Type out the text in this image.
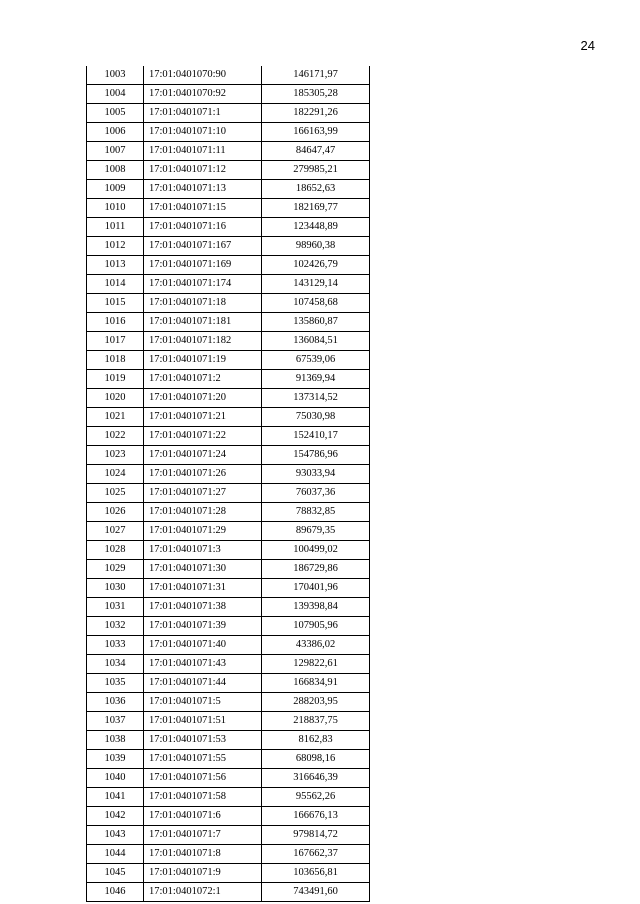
24
1003	17:01:0401070:90	146171,97
1004	17:01:0401070:92	185305,28
1005	17:01:0401071:1	182291,26
1006	17:01:0401071:10	166163,99
1007	17:01:0401071:11	84647,47
1008	17:01:0401071:12	279985,21
1009	17:01:0401071:13	18652,63
1010	17:01:0401071:15	182169,77
1011	17:01:0401071:16	123448,89
1012	17:01:0401071:167	98960,38
1013	17:01:0401071:169	102426,79
1014	17:01:0401071:174	143129,14
1015	17:01:0401071:18	107458,68
1016	17:01:0401071:181	135860,87
1017	17:01:0401071:182	136084,51
1018	17:01:0401071:19	67539,06
1019	17:01:0401071:2	91369,94
1020	17:01:0401071:20	137314,52
1021	17:01:0401071:21	75030,98
1022	17:01:0401071:22	152410,17
1023	17:01:0401071:24	154786,96
1024	17:01:0401071:26	93033,94
1025	17:01:0401071:27	76037,36
1026	17:01:0401071:28	78832,85
1027	17:01:0401071:29	89679,35
1028	17:01:0401071:3	100499,02
1029	17:01:0401071:30	186729,86
1030	17:01:0401071:31	170401,96
1031	17:01:0401071:38	139398,84
1032	17:01:0401071:39	107905,96
1033	17:01:0401071:40	43386,02
1034	17:01:0401071:43	129822,61
1035	17:01:0401071:44	166834,91
1036	17:01:0401071:5	288203,95
1037	17:01:0401071:51	218837,75
1038	17:01:0401071:53	8162,83
1039	17:01:0401071:55	68098,16
1040	17:01:0401071:56	316646,39
1041	17:01:0401071:58	95562,26
1042	17:01:0401071:6	166676,13
1043	17:01:0401071:7	979814,72
1044	17:01:0401071:8	167662,37
1045	17:01:0401071:9	103656,81
1046	17:01:0401072:1	743491,60
